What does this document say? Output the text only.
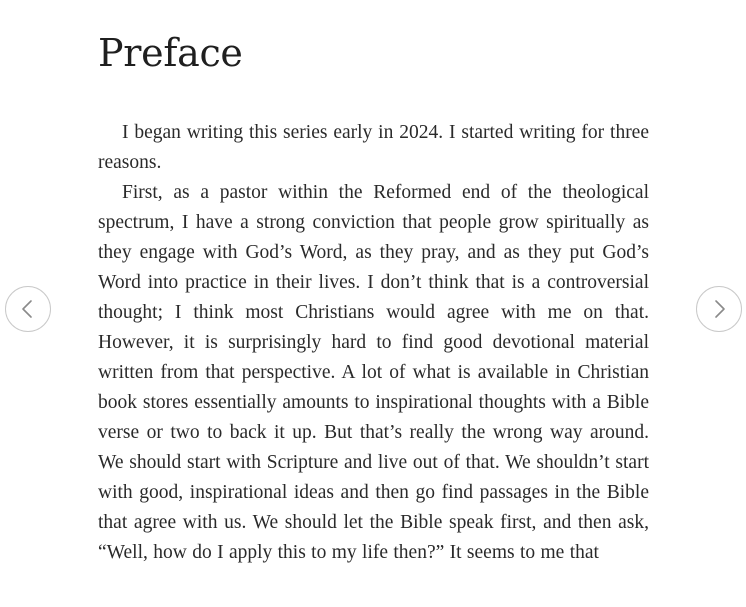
Preface

I began writing this series early in 2024. I started writing for three reasons.

First, as a pastor within the Reformed end of the theological spectrum, I have a strong conviction that people grow spiritually as they engage with God’s Word, as they pray, and as they put God’s Word into practice in their lives. I don’t think that is a controversial thought; I think most Christians would agree with me on that. However, it is surprisingly hard to find good devotional material written from that perspective. A lot of what is available in Christian book stores essentially amounts to inspirational thoughts with a Bible verse or two to back it up. But that’s really the wrong way around. We should start with Scripture and live out of that. We shouldn’t start with good, inspirational ideas and then go find passages in the Bible that agree with us. We should let the Bible speak first, and then ask, “Well, how do I apply this to my life then?” It seems to me that
